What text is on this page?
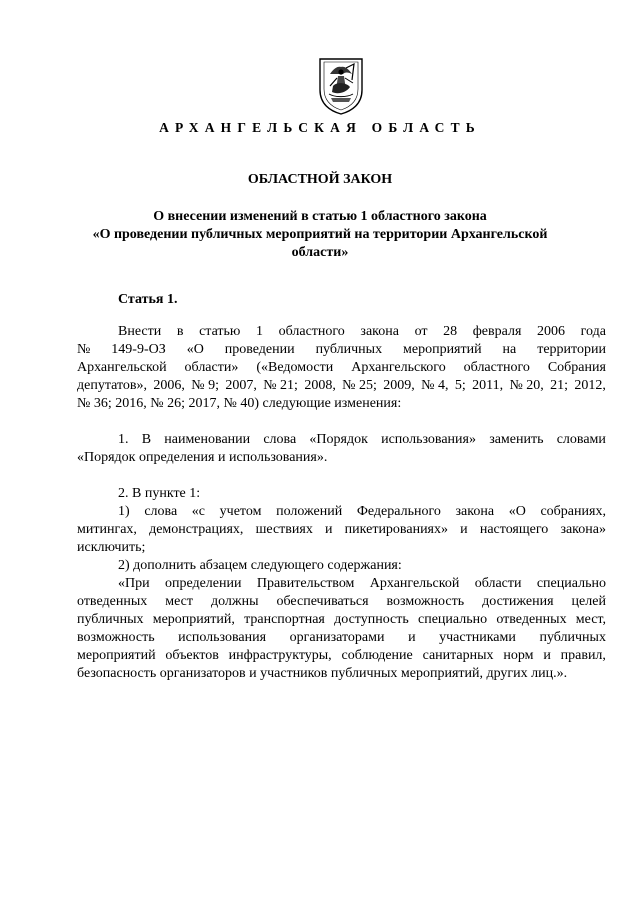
АРХАНГЕЛЬСКАЯ ОБЛАСТЬ
ОБЛАСТНОЙ ЗАКОН
О внесении изменений в статью 1 областного закона
«О проведении публичных мероприятий на территории Архангельской
области»
Статья 1.
Внести в статью 1 областного закона от 28 февраля 2006 года
№ 149-9-ОЗ «О проведении публичных мероприятий на территории
Архангельской области» («Ведомости Архангельского областного Собрания
депутатов», 2006, № 9; 2007, № 21; 2008, № 25; 2009, № 4, 5; 2011, № 20, 21; 2012,
№ 36; 2016, № 26; 2017, № 40) следующие изменения:
1. В наименовании слова «Порядок использования» заменить словами
«Порядок определения и использования».
2. В пункте 1:
1) слова «с учетом положений Федерального закона «О собраниях,
митингах, демонстрациях, шествиях и пикетированиях» и настоящего закона»
исключить;
2) дополнить абзацем следующего содержания:
«При определении Правительством Архангельской области специально
отведенных мест должны обеспечиваться возможность достижения целей
публичных мероприятий, транспортная доступность специально отведенных мест,
возможность использования организаторами и участниками публичных
мероприятий объектов инфраструктуры, соблюдение санитарных норм и правил,
безопасность организаторов и участников публичных мероприятий, других лиц.».
